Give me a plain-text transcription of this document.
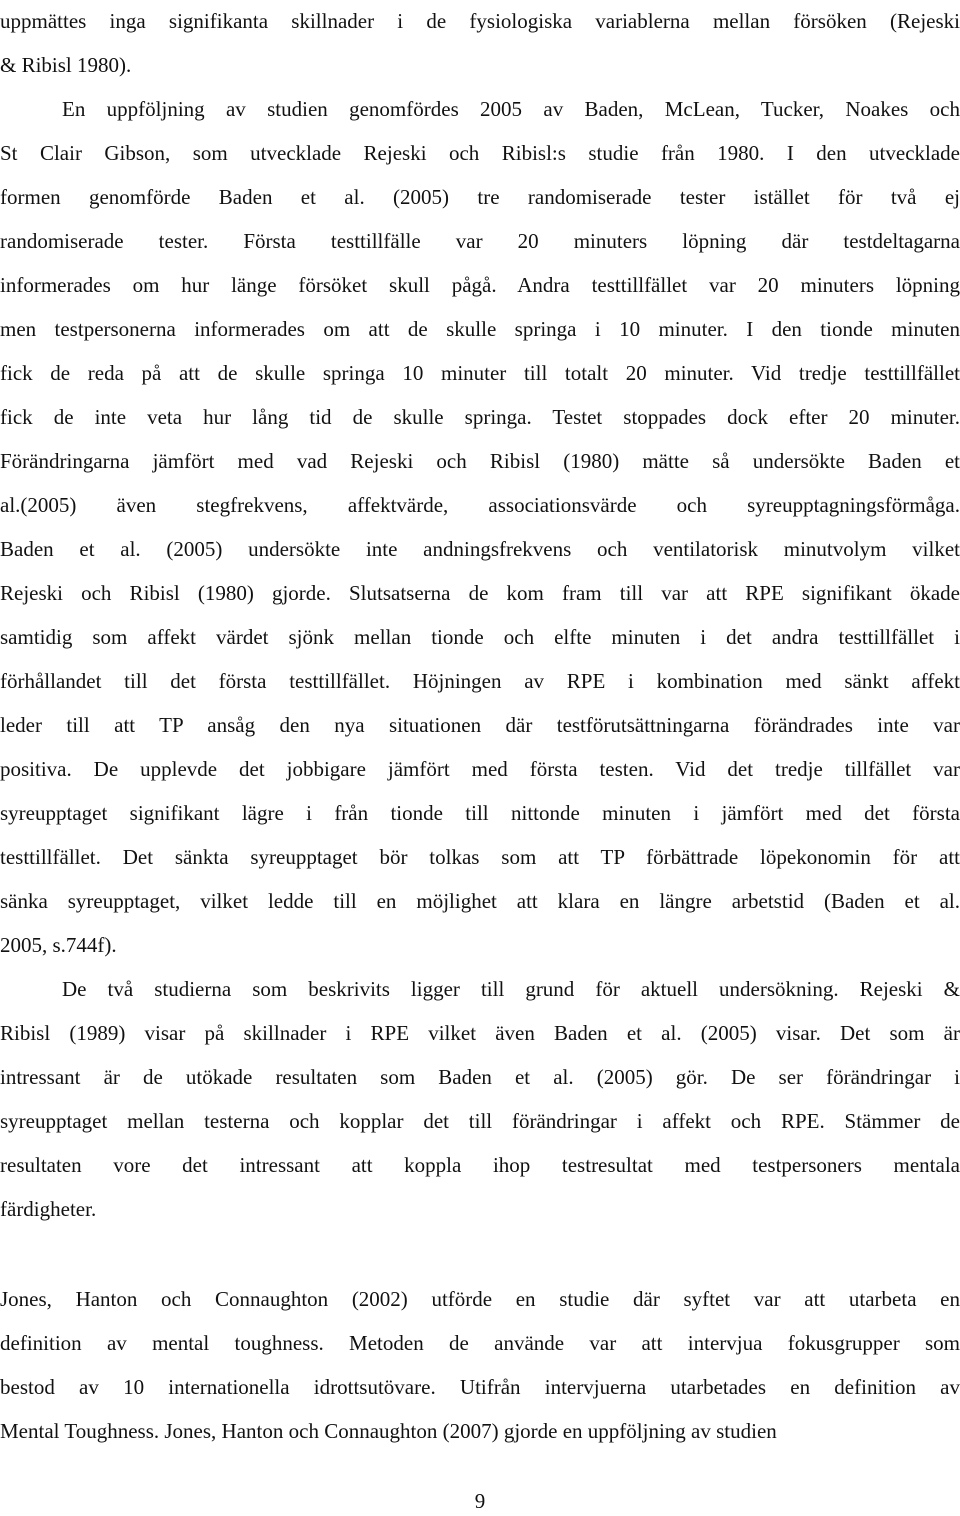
uppmättes inga signifikanta skillnader i de fysiologiska variablerna mellan försöken (Rejeski

& Ribisl 1980).

En uppföljning av studien genomfördes 2005 av Baden, McLean, Tucker, Noakes och

St Clair Gibson, som utvecklade Rejeski och Ribisl:s studie från 1980. I den utvecklade

formen genomförde Baden et al. (2005) tre randomiserade tester istället för två ej

randomiserade tester. Första testtillfälle var 20 minuters löpning där testdeltagarna

informerades om hur länge försöket skull pågå. Andra testtillfället var 20 minuters löpning

men testpersonerna informerades om att de skulle springa i 10 minuter. I den tionde minuten

fick de reda på att de skulle springa 10 minuter till totalt 20 minuter. Vid tredje testtillfället

fick de inte veta hur lång tid de skulle springa. Testet stoppades dock efter 20 minuter.

Förändringarna jämfört med vad Rejeski och Ribisl (1980) mätte så undersökte Baden et

al.(2005) även stegfrekvens, affektvärde, associationsvärde och syreupptagningsförmåga.

Baden et al. (2005) undersökte inte andningsfrekvens och ventilatorisk minutvolym vilket

Rejeski och Ribisl (1980) gjorde. Slutsatserna de kom fram till var att RPE signifikant ökade

samtidig som affekt värdet sjönk mellan tionde och elfte minuten i det andra testtillfället i

förhållandet till det första testtillfället. Höjningen av RPE i kombination med sänkt affekt

leder till att TP ansåg den nya situationen där testförutsättningarna förändrades inte var

positiva. De upplevde det jobbigare jämfört med första testen. Vid det tredje tillfället var

syreupptaget signifikant lägre i från tionde till nittonde minuten i jämfört med det första

testtillfället. Det sänkta syreupptaget bör tolkas som att TP förbättrade löpekonomin för att

sänka syreupptaget, vilket ledde till en möjlighet att klara en längre arbetstid (Baden et al.

2005, s.744f).

De två studierna som beskrivits ligger till grund för aktuell undersökning. Rejeski &

Ribisl (1989) visar på skillnader i RPE vilket även Baden et al. (2005) visar. Det som är

intressant är de utökade resultaten som Baden et al. (2005) gör. De ser förändringar i

syreupptaget mellan testerna och kopplar det till förändringar i affekt och RPE. Stämmer de

resultaten vore det intressant att koppla ihop testresultat med testpersoners mentala

färdigheter.

Jones, Hanton och Connaughton (2002) utförde en studie där syftet var att utarbeta en

definition av mental toughness. Metoden de använde var att intervjua fokusgrupper som

bestod av 10 internationella idrottsutövare. Utifrån intervjuerna utarbetades en definition av

Mental Toughness. Jones, Hanton och Connaughton (2007) gjorde en uppföljning av studien

9
